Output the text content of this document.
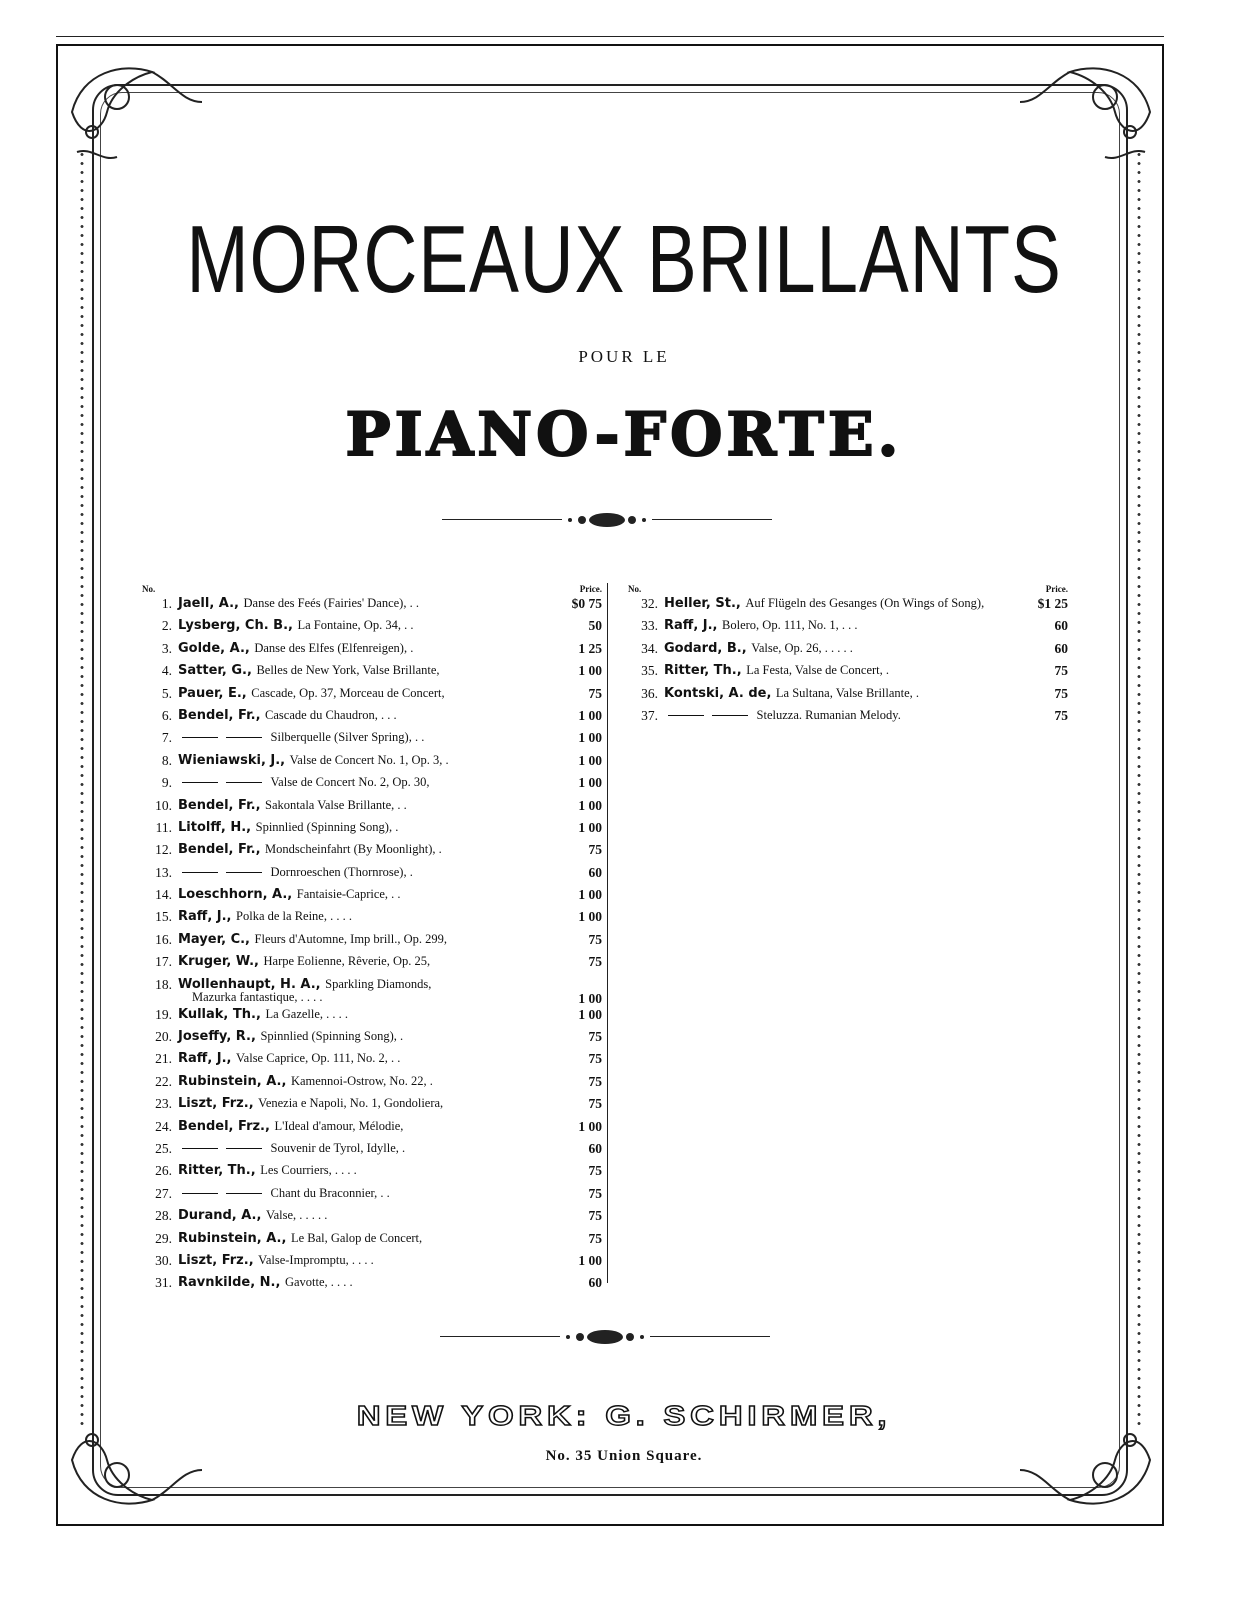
MORCEAUX BRILLANTS
POUR LE
PIANO-FORTE.
No.	Price.
1. Jaell, A., Danse des Feés (Fairies' Dance), . .	$0 75
2. Lysberg, Ch. B., La Fontaine, Op. 34, . .	50
3. Golde, A., Danse des Elfes (Elfenreigen), .	1 25
4. Satter, G., Belles de New York, Valse Brillante,	1 00
5. Pauer, E., Cascade, Op. 37, Morceau de Concert,	75
6. Bendel, Fr., Cascade du Chaudron, . . .	1 00
7.	Silberquelle (Silver Spring), . .	1 00
8. Wieniawski, J., Valse de Concert No. 1, Op. 3, .	1 00
9.	Valse de Concert No. 2, Op. 30,	1 00
10. Bendel, Fr., Sakontala Valse Brillante, . .	1 00
11. Litolff, H., Spinnlied (Spinning Song), .	1 00
12. Bendel, Fr., Mondscheinfahrt (By Moonlight), .	75
13.	Dornroeschen (Thornrose), .	60
14. Loeschhorn, A., Fantaisie-Caprice, . .	1 00
15. Raff, J., Polka de la Reine, . . . .	1 00
16. Mayer, C., Fleurs d'Automne, Imp brill., Op. 299,	75
17. Kruger, W., Harpe Eolienne, Rêverie, Op. 25,	75
18. Wollenhaupt, H. A., Sparkling Diamonds,
Mazurka fantastique, . . . .	1 00
19. Kullak, Th., La Gazelle, . . . .	1 00
20. Joseffy, R., Spinnlied (Spinning Song), .	75
21. Raff, J., Valse Caprice, Op. 111, No. 2, . .	75
22. Rubinstein, A., Kamennoi-Ostrow, No. 22, .	75
23. Liszt, Frz., Venezia e Napoli, No. 1, Gondoliera,	75
24. Bendel, Frz., L'Ideal d'amour, Mélodie,	1 00
25.	Souvenir de Tyrol, Idylle, .	60
26. Ritter, Th., Les Courriers, . . . .	75
27.	Chant du Braconnier, . .	75
28. Durand, A., Valse, . . . . .	75
29. Rubinstein, A., Le Bal, Galop de Concert,	75
30. Liszt, Frz., Valse-Impromptu, . . . .	1 00
31. Ravnkilde, N., Gavotte, . . . .	60
No.	Price.
32. Heller, St., Auf Flügeln des Gesanges (On Wings of Song),	$1 25
33. Raff, J., Bolero, Op. 111, No. 1, . . .	60
34. Godard, B., Valse, Op. 26, . . . . .	60
35. Ritter, Th., La Festa, Valse de Concert, .	75
36. Kontski, A. de, La Sultana, Valse Brillante, .	75
37.	Steluzza. Rumanian Melody.	75
NEW YORK: G. SCHIRMER,
No. 35 Union Square.
